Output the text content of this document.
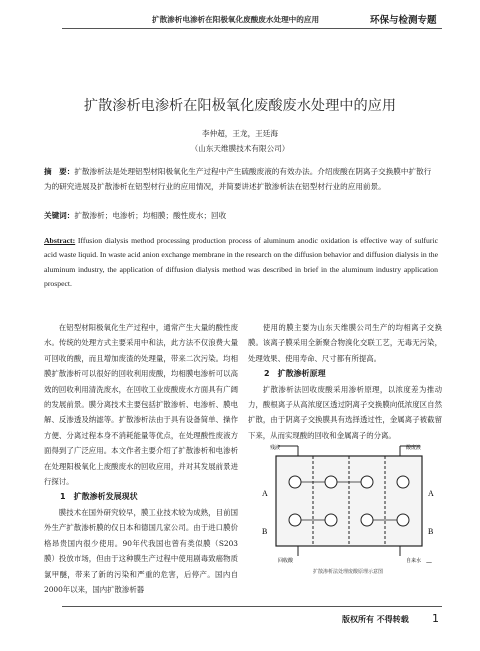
扩散渗析电渗析在阳极氧化废酸废水处理中的应用	环保与检测专题
扩散渗析电渗析在阳极氧化废酸废水处理中的应用
李仲超，王龙，王廷海
（山东天维膜技术有限公司）
摘　要：扩散渗析法是处理铝型材阳极氧化生产过程中产生硫酸废液的有效办法。介绍废酸在阴离子交换膜中扩散行为的研究进展及扩散渗析在铝型材行业的应用情况，并简要讲述扩散渗析法在铝型材行业的应用前景。
关键词：扩散渗析；电渗析；均相膜；酸性废水；回收
Abstract: Iffusion dialysis method processing production process of aluminum anodic oxidation is effective way of sulfuric acid waste liquid. In waste acid anion exchange membrane in the research on the diffusion behavior and diffusion dialysis in the aluminum industry, the application of diffusion dialysis method was described in brief in the aluminum industry application prospect.

在铝型材阳极氧化生产过程中，通常产生大量的酸性废水。传统的处理方式主要采用中和法，此方法不仅浪费大量可回收的酸，而且增加废渣的处理量，带来二次污染。均相膜扩散渗析可以很好的回收利用废酸，均相膜电渗析可以高效的回收利用清洗废水，在回收工业废酸废水方面具有广阔的发展前景。膜分离技术主要包括扩散渗析、电渗析、膜电解、反渗透及纳滤等。扩散渗析法由于具有设备简单、操作方便、分离过程本身不消耗能量等优点，在处理酸性废液方面得到了广泛应用。本文作者主要介绍了扩散渗析和电渗析在处理阳极氧化上废酸废水的回收应用，并对其发展前景进行探讨。

1　扩散渗析发展现状

膜技术在国外研究较早，膜工业技术较为成熟，目前国外生产扩散渗析膜的仅日本和德国几家公司。由于进口膜价格昂贵国内很少使用。90年代我国也曾有类似膜（S203膜）投放市场，但由于这种膜生产过程中使用剧毒致癌物质氯甲醚，带来了新的污染和严重的危害，后停产。国内自2000年以来，国内扩散渗析器

使用的膜主要为山东天维膜公司生产的均相离子交换膜。该离子膜采用全新聚合物溴化交联工艺，无毒无污染，处理效果、使用寿命、尺寸都有所提高。

2　扩散渗析原理

扩散渗析法回收废酸采用渗析原理，以浓度差为推动力，酸根离子从高浓度区透过阴离子交换膜向低浓度区自然扩散，由于阴离子交换膜具有选择透过性，金属离子被截留下来，从而实现酸的回收和金属离子的分离。

A
B
A
B
残液	酸废液
回收酸	自来水 —
扩散渗析法处理废酸原理示意图
版权所有 不得转载 1
